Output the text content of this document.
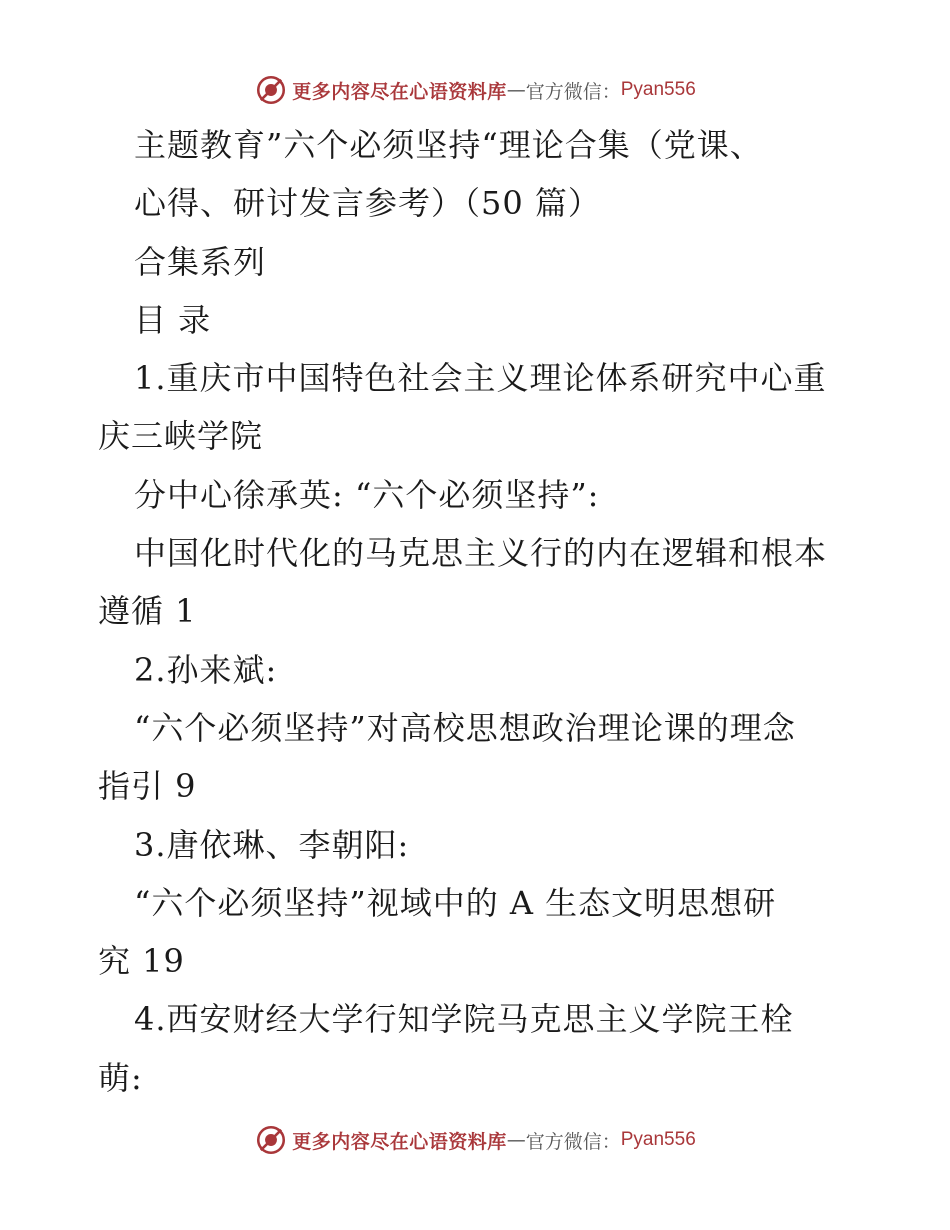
更多内容尽在心语资料库 — 官方微信： Pyan556
主题教育”六个必须坚持“理论合集（党课、
心得、研讨发言参考）（50 篇）
合集系列
目 录
1.重庆市中国特色社会主义理论体系研究中心重
庆三峡学院
分中心徐承英: “六个必须坚持”:
中国化时代化的马克思主义行的内在逻辑和根本
遵循 1
2.孙来斌:
“六个必须坚持”对高校思想政治理论课的理念
指引 9
3.唐依琳、李朝阳:
“六个必须坚持”视域中的 A 生态文明思想研
究 19
4.西安财经大学行知学院马克思主义学院王栓
萌:
更多内容尽在心语资料库 — 官方微信： Pyan556
